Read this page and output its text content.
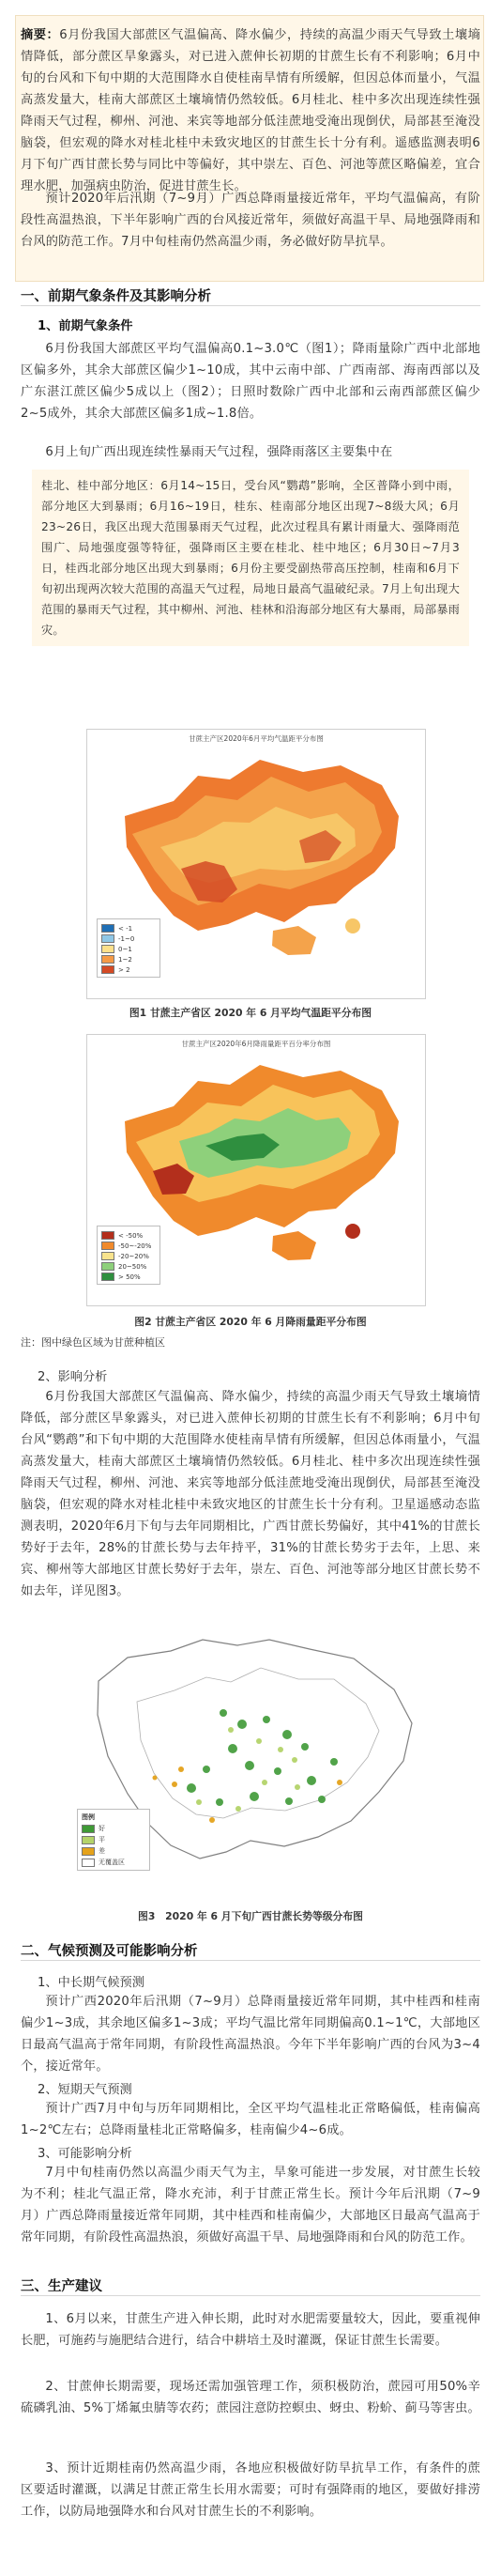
摘要：6月份我国大部蔗区气温偏高、降水偏少，持续的高温少雨天气导致土壤墒情降低，部分蔗区旱象露头，对已进入蔗伸长初期的甘蔗生长有不利影响；6月中旬的台风和下旬中期的大范围降水自使桂南旱情有所缓解，但因总体而量小，气温高蒸发量大，桂南大部蔗区土壤墒情仍然较低。6月桂北、桂中多次出现连续性强降雨天气过程，柳州、河池、来宾等地部分低洼蔗地受淹出现倒伏，局部甚至淹没脑袋，但宏观的降水对桂北桂中未致灾地区的甘蔗生长十分有利。遥感监测表明6月下旬广西甘蔗长势与同比中等偏好，其中崇左、百色、河池等蔗区略偏差，宜合理水肥，加强病虫防治，促进甘蔗生长。
预计2020年后汛期（7~9月）广西总降雨量接近常年，平均气温偏高，有阶段性高温热浪，下半年影响广西的台风接近常年，须做好高温干旱、局地强降雨和台风的防范工作。7月中旬桂南仍然高温少雨，务必做好防旱抗旱。
一、前期气象条件及其影响分析
1、前期气象条件
6月份我国大部蔗区平均气温偏高0.1~3.0℃（图1）；降雨量除广西中北部地区偏多外，其余大部蔗区偏少1~10成，其中云南中部、广西南部、海南西部以及广东湛江蔗区偏少5成以上（图2）；日照时数除广西中北部和云南西部蔗区偏少2~5成外，其余大部蔗区偏多1成~1.8倍。
6月上旬广西出现连续性暴雨天气过程，强降雨落区主要集中在
桂北、桂中部分地区：6月14~15日，受台风“鹦鹉”影响，全区普降小到中雨，部分地区大到暴雨；6月16~19日，桂东、桂南部分地区出现7~8级大风；6月23~26日，我区出现大范围暴雨天气过程，此次过程具有累计雨量大、强降雨范围广、局地强度强等特征，强降雨区主要在桂北、桂中地区；6月30日~7月3日，桂西北部分地区出现大到暴雨；6月份主要受副热带高压控制，桂南和6月下旬初出现两次较大范围的高温天气过程，局地日最高气温破纪录。7月上旬出现大范围的暴雨天气过程，其中柳州、河池、桂林和沿海部分地区有大暴雨，局部暴雨灾。
甘蔗主产区2020年6月平均气温距平分布图
< -1
-1~0
0~1
1~2
> 2
图1 甘蔗主产省区 2020 年 6 月平均气温距平分布图
甘蔗主产区2020年6月降雨量距平百分率分布图
< -50%
-50~-20%
-20~20%
20~50%
> 50%
图2 甘蔗主产省区 2020 年 6 月降雨量距平分布图
注：图中绿色区域为甘蔗种植区
2、影响分析
6月份我国大部蔗区气温偏高、降水偏少，持续的高温少雨天气导致土壤墒情降低，部分蔗区旱象露头，对已进入蔗伸长初期的甘蔗生长有不利影响；6月中旬台风“鹦鹉”和下旬中期的大范围降水使桂南旱情有所缓解，但因总体雨量小，气温高蒸发量大，桂南大部蔗区土壤墒情仍然较低。6月桂北、桂中多次出现连续性强降雨天气过程，柳州、河池、来宾等地部分低洼蔗地受淹出现倒伏，局部甚至淹没脑袋，但宏观的降水对桂北桂中未致灾地区的甘蔗生长十分有利。卫星遥感动态监测表明，2020年6月下旬与去年同期相比，广西甘蔗长势偏好，其中41%的甘蔗长势好于去年，28%的甘蔗长势与去年持平，31%的甘蔗长势劣于去年，上思、来宾、柳州等大部地区甘蔗长势好于去年，崇左、百色、河池等部分地区甘蔗长势不如去年，详见图3。
图例
好
平
差
无覆盖区
图3　2020 年 6 月下旬广西甘蔗长势等级分布图
二、气候预测及可能影响分析
1、中长期气候预测
预计广西2020年后汛期（7~9月）总降雨量接近常年同期，其中桂西和桂南偏少1~3成，其余地区偏多1~3成；平均气温比常年同期偏高0.1~1℃，大部地区日最高气温高于常年同期，有阶段性高温热浪。今年下半年影响广西的台风为3~4个，接近常年。
2、短期天气预测
预计广西7月中旬与历年同期相比，全区平均气温桂北正常略偏低，桂南偏高1~2℃左右；总降雨量桂北正常略偏多，桂南偏少4~6成。
3、可能影响分析
7月中旬桂南仍然以高温少雨天气为主，旱象可能进一步发展，对甘蔗生长较为不利；桂北气温正常，降水充沛，利于甘蔗正常生长。预计今年后汛期（7~9月）广西总降雨量接近常年同期，其中桂西和桂南偏少，大部地区日最高气温高于常年同期，有阶段性高温热浪，须做好高温干旱、局地强降雨和台风的防范工作。
三、生产建议
1、6月以来，甘蔗生产进入伸长期，此时对水肥需要量较大，因此，要重视伸长肥，可施药与施肥结合进行，结合中耕培土及时灌溉，保证甘蔗生长需要。
2、甘蔗伸长期需要，现场还需加强管理工作，须积极防治，蔗园可用50%辛硫磷乳油、5%丁烯氟虫腈等农药；蔗园注意防控螟虫、蚜虫、粉蚧、蓟马等害虫。
3、预计近期桂南仍然高温少雨，各地应积极做好防旱抗旱工作，有条件的蔗区要适时灌溉，以满足甘蔗正常生长用水需要；可时有强降雨的地区，要做好排涝工作，以防局地强降水和台风对甘蔗生长的不利影响。
